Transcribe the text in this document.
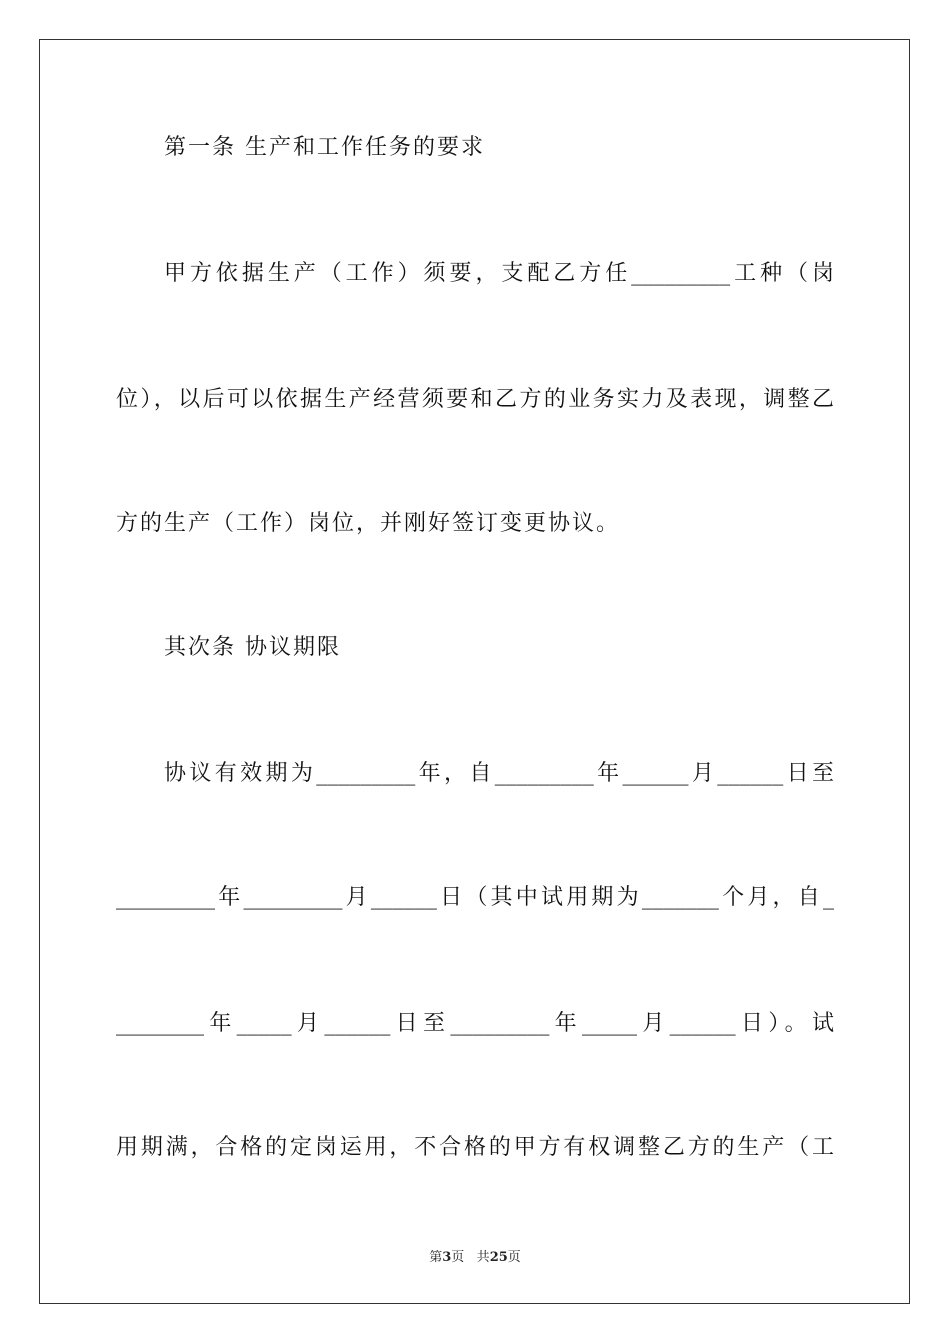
第一条 生产和工作任务的要求
甲方依据生产（工作）须要，支配乙方任_________工种（岗
位），以后可以依据生产经营须要和乙方的业务实力及表现，调整乙
方的生产（工作）岗位，并刚好签订变更协议。
其次条 协议期限
协议有效期为_________年，自_________年______月______日至
_________年_________月______日（其中试用期为_______个月，自_
________年_____月______日至_________年_____月______日）。试
用期满，合格的定岗运用，不合格的甲方有权调整乙方的生产（工
第3页 共25页
